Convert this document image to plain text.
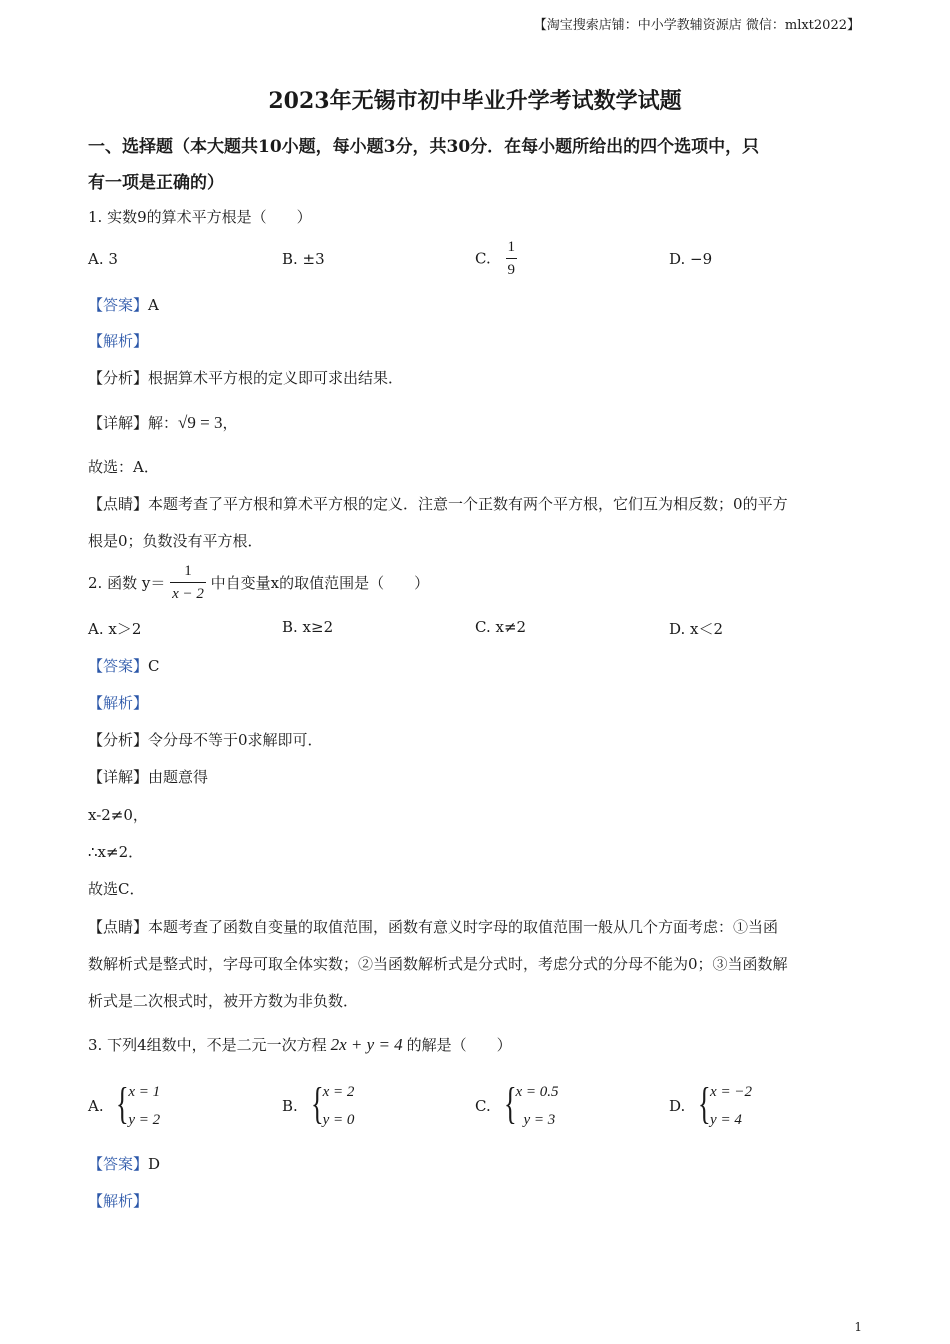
【淘宝搜索店铺：中小学教辅资源店 微信：mlxt2022】
2023年无锡市初中毕业升学考试数学试题
一、选择题（本大题共10小题，每小题3分，共30分．在每小题所给出的四个选项中，只
有一项是正确的）
1. 实数9的算术平方根是（　　）
A. 3	B. ±3	C. $\frac{1}{9}$	D. −9
【答案】A
【解析】
【分析】根据算术平方根的定义即可求出结果．
【详解】解：√9 = 3，
故选：A．
【点睛】本题考查了平方根和算术平方根的定义．注意一个正数有两个平方根，它们互为相反数；0的平方
根是0；负数没有平方根．
2. 函数 $y= \frac{1}{x - 2}$ 中自变量x的取值范围是（　　）
A. x＞2	B. x≥2	C. x≠2	D. x＜2
【答案】C
【解析】
【分析】令分母不等于0求解即可．
【详解】由题意得
x-2≠0，
∴x≠2．
故选C．
【点睛】本题考查了函数自变量的取值范围，函数有意义时字母的取值范围一般从几个方面考虑：①当函
数解析式是整式时，字母可取全体实数；②当函数解析式是分式时，考虑分式的分母不能为0；③当函数解
析式是二次根式时，被开方数为非负数．
3. 下列4组数中，不是二元一次方程 2x + y = 4 的解是（　　）
A. { x = 1
y = 2
B. { x = 2
y = 0
C. { x = 0.5
y = 3
D. { x = −2
y = 4
【答案】D
【解析】
1
